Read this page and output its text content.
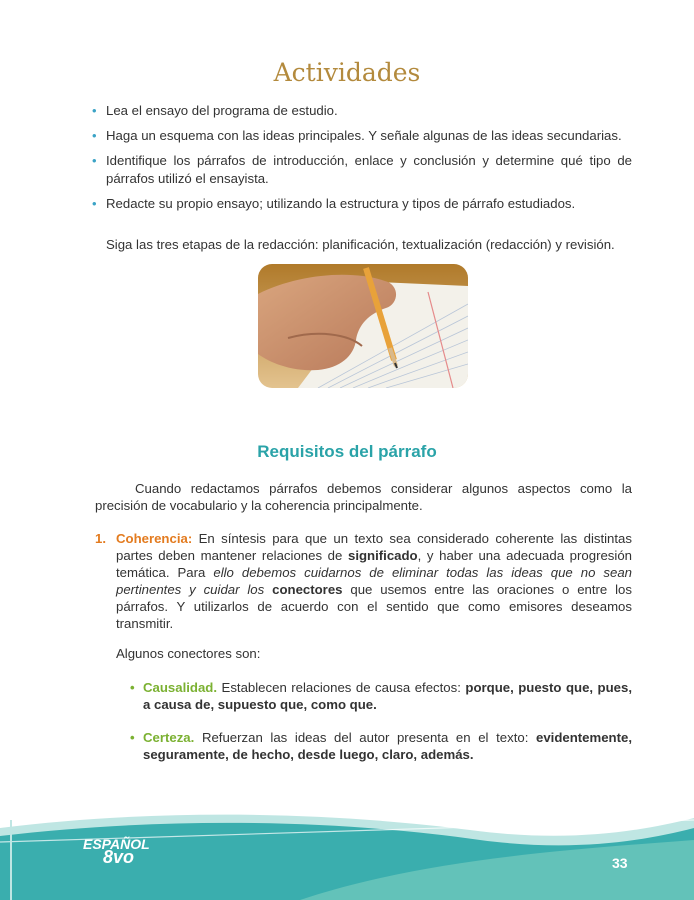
Actividades
• Lea el ensayo del programa de estudio.
• Haga un esquema con las ideas principales. Y señale algunas de las ideas secundarias.
• Identifique los párrafos de introducción, enlace y conclusión y determine qué tipo de párrafos utilizó el ensayista.
• Redacte su propio ensayo; utilizando la estructura y tipos de párrafo estudiados.

Siga las tres etapas de la redacción: planificación, textualización (redacción) y revisión.

Requisitos del párrafo

Cuando redactamos párrafos debemos considerar algunos aspectos como la precisión de vocabulario y la coherencia principalmente.

1. Coherencia: En síntesis para que un texto sea considerado coherente las distintas partes deben mantener relaciones de significado, y haber una adecuada progresión temática. Para ello debemos cuidarnos de eliminar todas las ideas que no sean pertinentes y cuidar los conectores que usemos entre las oraciones o entre los párrafos. Y utilizarlos de acuerdo con el sentido que como emisores deseamos transmitir.

Algunos conectores son:

• Causalidad. Establecen relaciones de causa efectos: porque, puesto que, pues, a causa de, supuesto que, como que.

• Certeza. Refuerzan las ideas del autor presenta en el texto: evidentemente, seguramente, de hecho, desde luego, claro, además.

ESPAÑOL
8vo	33
